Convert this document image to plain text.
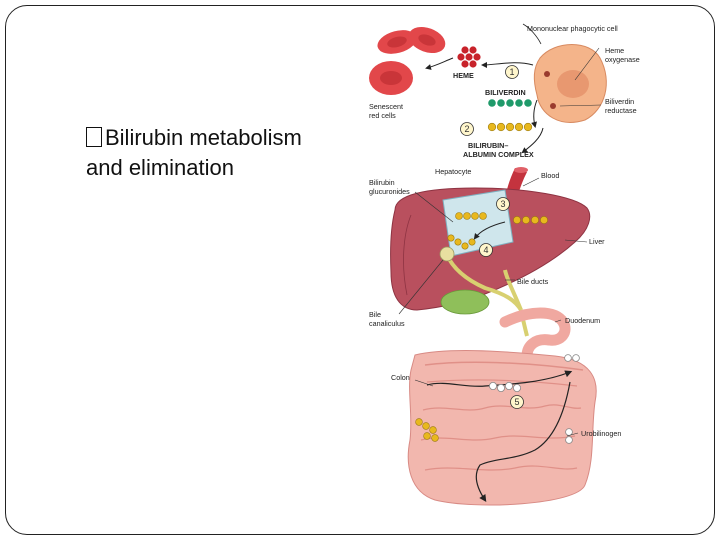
Bilirubin metabolism
and elimination
1
2
3
4
5
Mononuclear phagocytic cell
Heme
oxygenase
HEME
BILIVERDIN
Biliverdin
reductase
Senescent
red cells
BILIRUBIN–
ALBUMIN COMPLEX
Hepatocyte	Blood
Bilirubin
glucuronides
Liver
Bile ducts
Bile
canaliculus	Duodenum
Colon
Urobilinogen
